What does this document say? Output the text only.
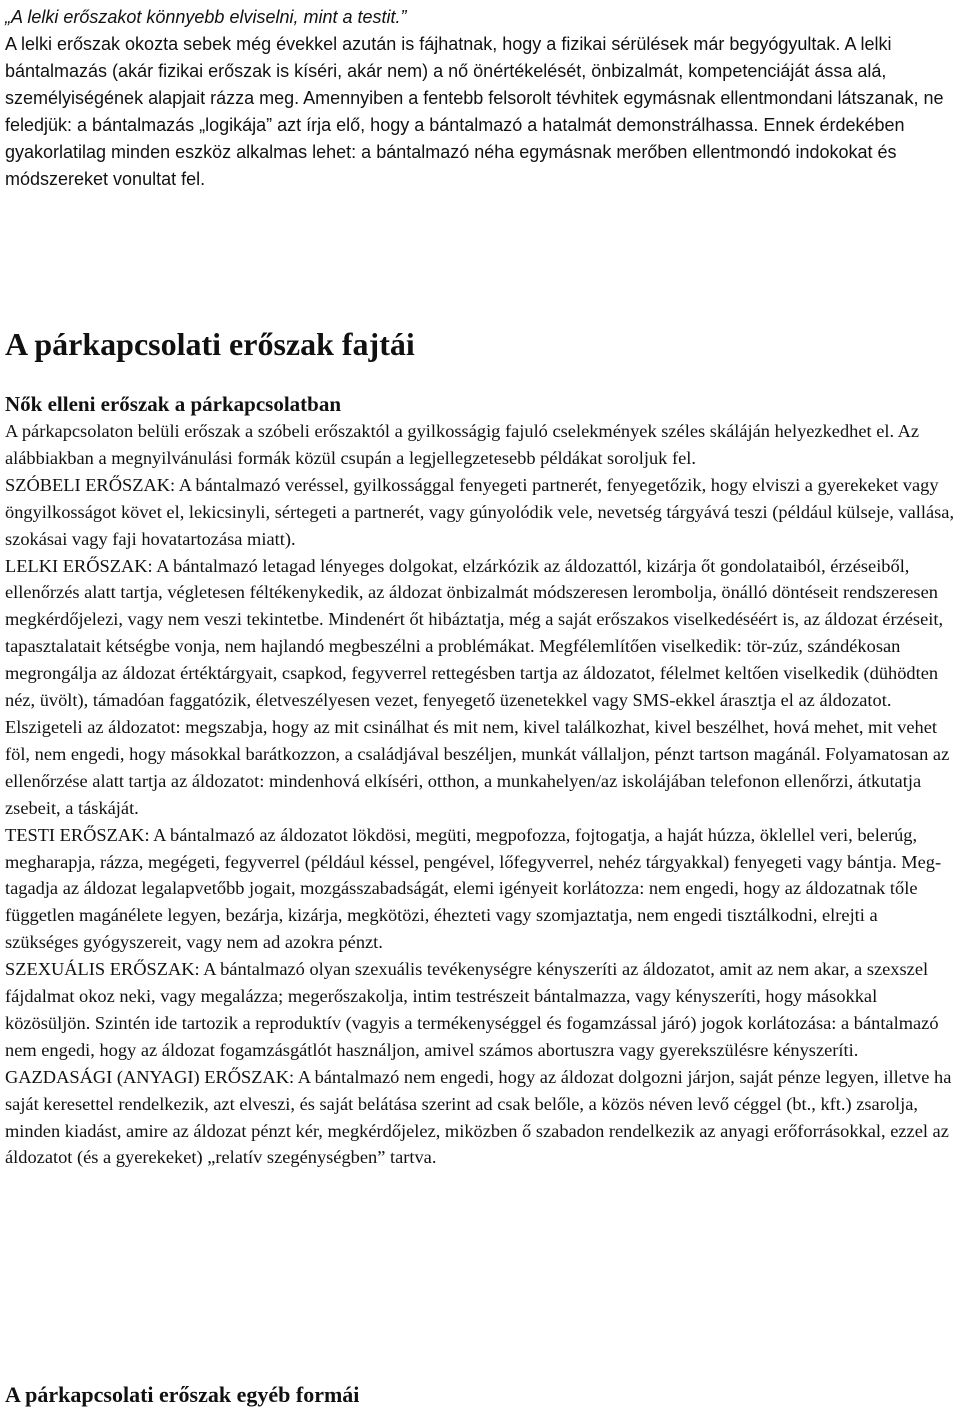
„A lelki erőszakot könnyebb elviselni, mint a testit.”
A lelki erőszak okozta sebek még évekkel azután is fájhatnak, hogy a fizikai sérülések már begyógyultak. A lelki bántalmazás (akár fizikai erőszak is kíséri, akár nem) a nő önértékelését, önbizalmát, kompetenciáját ássa alá, személyiségének alapjait rázza meg. Amennyiben a fentebb felsorolt tévhitek egymásnak ellentmondani látszanak, ne feledjük: a bántalmazás „logikája” azt írja elő, hogy a bántalmazó a hatalmát demonstrálhassa. Ennek érdekében gyakorlatilag minden eszköz alkalmas lehet: a bántalmazó néha egymásnak merőben ellentmondó indokokat és módszereket vonultat fel.

A párkapcsolati erőszak fajtái
Nők elleni erőszak a párkapcsolatban

A párkapcsolaton belüli erőszak a szóbeli erőszaktól a gyilkosságig fajuló cselekmények széles skáláján helyezkedhet el. Az alábbiakban a megnyilvánulási formák közül csupán a legjellegzetesebb példákat soroljuk fel.

SZÓBELI ERŐSZAK: A bántalmazó veréssel, gyilkossággal fenyegeti partnerét, fenyegetőzik, hogy elviszi a gyerekeket vagy öngyilkosságot követ el, lekicsinyli, sértegeti a partnerét, vagy gúnyolódik vele, nevetség tárgyává teszi (például külseje, vallása, szokásai vagy faji hovatartozása miatt).

LELKI ERŐSZAK: A bántalmazó letagad lényeges dolgokat, elzárkózik az áldozattól, kizárja őt gondolataiból, érzéseiből, ellenőrzés alatt tartja, végletesen féltékenykedik, az áldozat önbizalmát módszeresen lerombolja, önálló döntéseit rendszeresen megkérdőjelezi, vagy nem veszi tekintetbe. Mindenért őt hibáztatja, még a saját erőszakos viselkedéséért is, az áldozat érzéseit, tapasztalatait kétségbe vonja, nem hajlandó megbeszélni a problémákat. Megfélemlítően viselkedik: tör-zúz, szándékosan megrongálja az áldozat értéktárgyait, csapkod, fegyverrel rettegésben tartja az áldozatot, félelmet keltően viselkedik (dühödten néz, üvölt), támadóan faggatózik, életveszélyesen vezet, fenyegető üzenetekkel vagy SMS-ekkel árasztja el az áldozatot. Elszigeteli az áldozatot: megszabja, hogy az mit csinálhat és mit nem, kivel találkozhat, kivel beszélhet, hová mehet, mit vehet föl, nem engedi, hogy másokkal barátkozzon, a családjával beszéljen, munkát vállaljon, pénzt tartson magánál. Folyamatosan az ellenőrzése alatt tartja az áldozatot: mindenhová elkíséri, otthon, a munkahelyen/az iskolájában telefonon ellenőrzi, átkutatja zsebeit, a táskáját.

TESTI ERŐSZAK: A bántalmazó az áldozatot lökdösi, megüti, megpofozza, fojtogatja, a haját húzza, öklellel veri, belerúg, megharapja, rázza, megégeti, fegyverrel (például késsel, pengével, lőfegyverrel, nehéz tárgyakkal) fenyegeti vagy bántja. Meg-tagadja az áldozat legalapvetőbb jogait, mozgásszabadságát, elemi igényeit korlátozza: nem engedi, hogy az áldozatnak tőle független magánélete legyen, bezárja, kizárja, megkötözi, éhezteti vagy szomjaztatja, nem engedi tisztálkodni, elrejti a szükséges gyógyszereit, vagy nem ad azokra pénzt.

SZEXUÁLIS ERŐSZAK: A bántalmazó olyan szexuális tevékenységre kényszeríti az áldozatot, amit az nem akar, a szexszel fájdalmat okoz neki, vagy megalázza; megerőszakolja, intim testrészeit bántalmazza, vagy kényszeríti, hogy másokkal közösüljön. Szintén ide tartozik a reproduktív (vagyis a termékenységgel és fogamzással járó) jogok korlátozása: a bántalmazó nem engedi, hogy az áldozat fogamzásgátlót használjon, amivel számos abortuszra vagy gyerekszülésre kényszeríti.

GAZDASÁGI (ANYAGI) ERŐSZAK: A bántalmazó nem engedi, hogy az áldozat dolgozni járjon, saját pénze legyen, illetve ha saját keresettel rendelkezik, azt elveszi, és saját belátása szerint ad csak belőle, a közös néven levő céggel (bt., kft.) zsarolja, minden kiadást, amire az áldozat pénzt kér, megkérdőjelez, miközben ő szabadon rendelkezik az anyagi erőforrásokkal, ezzel az áldozatot (és a gyerekeket) „relatív szegénységben” tartva.

A párkapcsolati erőszak egyéb formái
